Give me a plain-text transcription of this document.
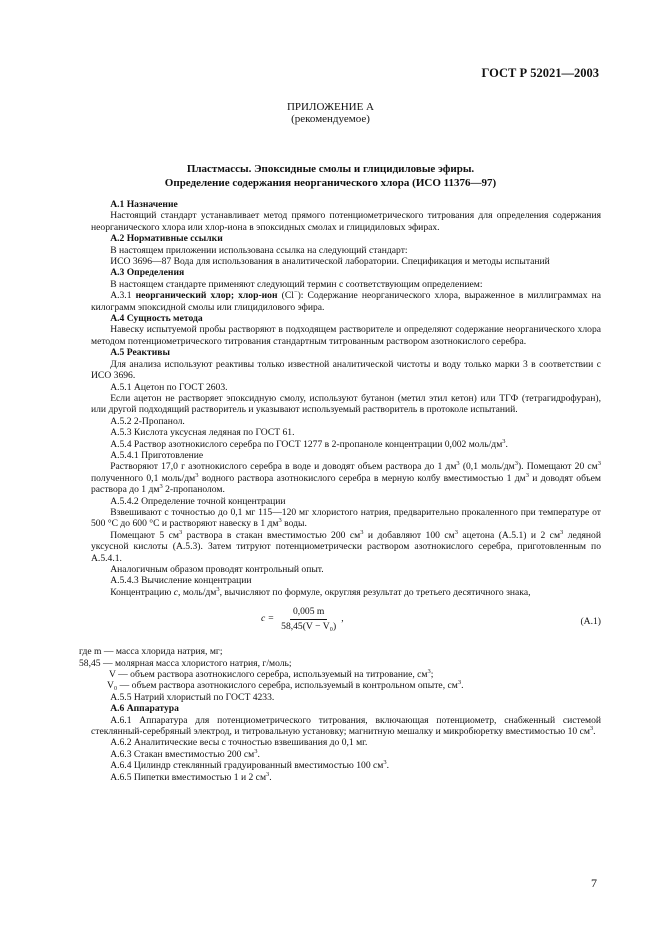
ГОСТ Р 52021—2003
ПРИЛОЖЕНИЕ А
(рекомендуемое)
Пластмассы. Эпоксидные смолы и глицидиловые эфиры.
Определение содержания неорганического хлора (ИСО 11376—97)

А.1 Назначение

Настоящий стандарт устанавливает метод прямого потенциометрического титрования для определения содержания неорганического хлора или хлор-иона в эпоксидных смолах и глицидиловых эфирах.

А.2 Нормативные ссылки

В настоящем приложении использована ссылка на следующий стандарт:

ИСО 3696—87 Вода для использования в аналитической лаборатории. Спецификация и методы испытаний

А.3 Определения

В настоящем стандарте применяют следующий термин с соответствующим определением:

А.3.1 неорганический хлор; хлор-ион (Cl−): Содержание неорганического хлора, выраженное в миллиграммах на килограмм эпоксидной смолы или глицидилового эфира.

А.4 Сущность метода

Навеску испытуемой пробы растворяют в подходящем растворителе и определяют содержание неорганического хлора методом потенциометрического титрования стандартным титрованным раствором азотнокислого серебра.

А.5 Реактивы

Для анализа используют реактивы только известной аналитической чистоты и воду только марки 3 в соответствии с ИСО 3696.

А.5.1 Ацетон по ГОСТ 2603.

Если ацетон не растворяет эпоксидную смолу, используют бутанон (метил этил кетон) или ТГФ (тетрагидрофуран), или другой подходящий растворитель и указывают используемый растворитель в протоколе испытаний.

А.5.2 2-Пропанол.

А.5.3 Кислота уксусная ледяная по ГОСТ 61.

А.5.4 Раствор азотнокислого серебра по ГОСТ 1277 в 2-пропаноле концентрации 0,002 моль/$дм^3$.

А.5.4.1 Приготовление

Растворяют 17,0 г азотнокислого серебра в воде и доводят объем раствора до 1 $дм^3$ (0,1 моль/$дм^3$). Помещают 20 $см^3$ полученного 0,1 моль/$дм^3$ водного раствора азотнокислого серебра в мерную колбу вместимостью 1 $дм^3$ и доводят объем раствора до 1 $дм^3$ 2-пропанолом.

А.5.4.2 Определение точной концентрации

Взвешивают с точностью до 0,1 мг 115—120 мг хлористого натрия, предварительно прокаленного при температуре от 500 °С до 600 °С и растворяют навеску в 1 $дм^3$ воды.

Помещают 5 $см^3$ раствора в стакан вместимостью 200 $см^3$ и добавляют 100 $см^3$ ацетона (А.5.1) и 2 $см^3$ ледяной уксусной кислоты (А.5.3). Затем титруют потенциометрически раствором азотнокислого серебра, приготовленным по А.5.4.1.

Аналогичным образом проводят контрольный опыт.

А.5.4.3 Вычисление концентрации

Концентрацию c, моль/$дм^3$, вычисляют по формуле, округляя результат до третьего десятичного знака,

$c = \frac{0,005 m}{\text{58,45(V − V₀)}}$ ,	(А.1)

где m — масса хлорида натрия, мг;

58,45 — молярная масса хлористого натрия, г/моль;

V — объем раствора азотнокислого серебра, используемый на титрование, $см^3$;

V₀ — объем раствора азотнокислого серебра, используемый в контрольном опыте, $см^3$.

А.5.5 Натрий хлористый по ГОСТ 4233.

А.6 Аппаратура

А.6.1 Аппаратура для потенциометрического титрования, включающая потенциометр, снабженный системой стеклянный-серебряный электрод, и титровальную установку; магнитную мешалку и микробюретку вместимостью 10 $см^3$.

А.6.2 Аналитические весы с точностью взвешивания до 0,1 мг.

А.6.3 Стакан вместимостью 200 $см^3$.

А.6.4 Цилиндр стеклянный градуированный вместимостью 100 $см^3$.

А.6.5 Пипетки вместимостью 1 и 2 $см^3$.

7
